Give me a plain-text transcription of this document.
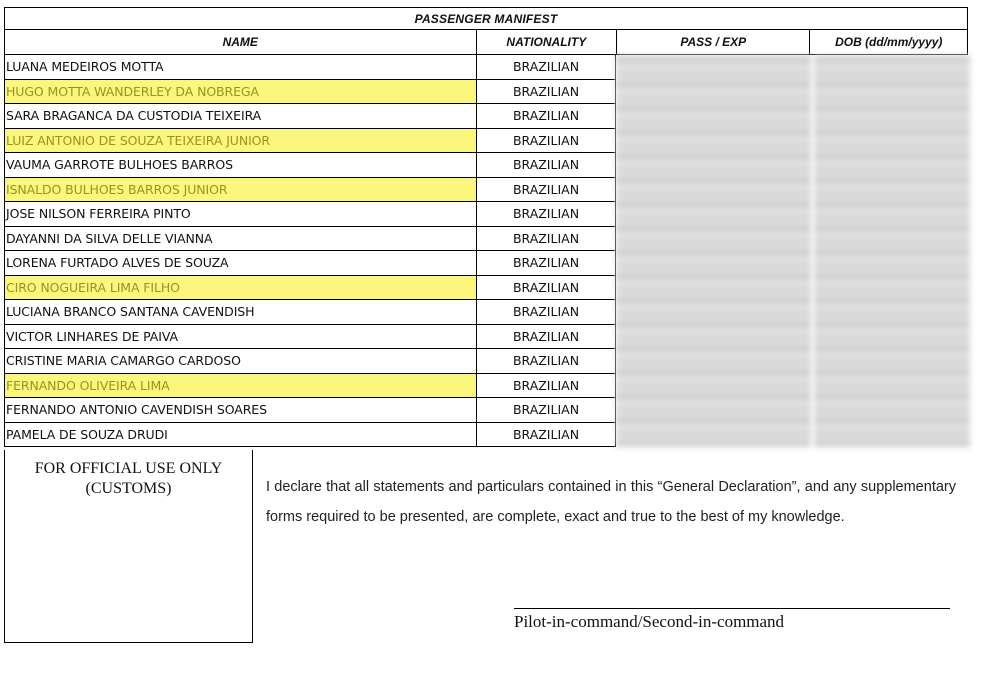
PASSENGER MANIFEST
NAME	NATIONALITY	PASS / EXP	DOB (dd/mm/yyyy)
LUANA MEDEIROS MOTTA	BRAZILIAN
HUGO MOTTA WANDERLEY DA NOBREGA	BRAZILIAN
SARA BRAGANCA DA CUSTODIA TEIXEIRA	BRAZILIAN
LUIZ ANTONIO DE SOUZA TEIXEIRA JUNIOR	BRAZILIAN
VAUMA GARROTE BULHOES BARROS	BRAZILIAN
ISNALDO BULHOES BARROS JUNIOR	BRAZILIAN
JOSE NILSON FERREIRA PINTO	BRAZILIAN
DAYANNI DA SILVA DELLE VIANNA	BRAZILIAN
LORENA FURTADO ALVES DE SOUZA	BRAZILIAN
CIRO NOGUEIRA LIMA FILHO	BRAZILIAN
LUCIANA BRANCO SANTANA CAVENDISH	BRAZILIAN
VICTOR LINHARES DE PAIVA	BRAZILIAN
CRISTINE MARIA CAMARGO CARDOSO	BRAZILIAN
FERNANDO OLIVEIRA LIMA	BRAZILIAN
FERNANDO ANTONIO CAVENDISH SOARES	BRAZILIAN
PAMELA DE SOUZA DRUDI	BRAZILIAN
FOR OFFICIAL USE ONLY
(CUSTOMS)	I declare that all statements and particulars contained in this “General Declaration”, and any supplementary forms required to be presented, are complete, exact and true to the best of my knowledge.
Pilot-in-command/Second-in-command
